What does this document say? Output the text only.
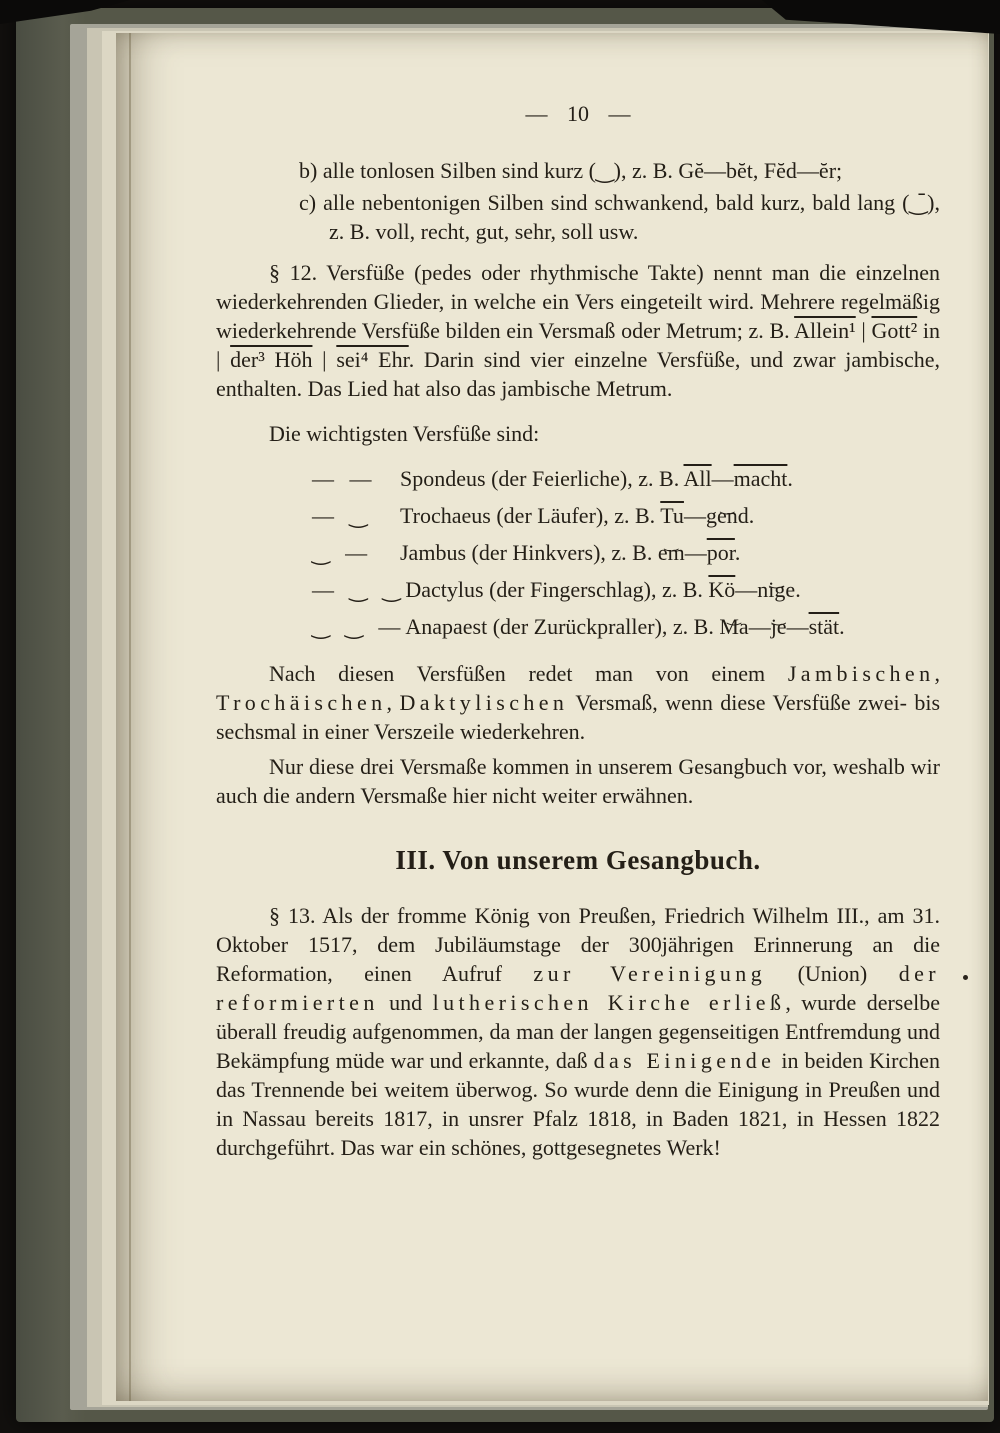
— 10 —

b) alle tonlosen Silben sind kurz (‿), z. B. Gĕ—bĕt, Fĕd—ĕr;

c) alle nebentonigen Silben sind schwankend, bald kurz, bald lang (‿̄), z. B. voll, recht, gut, sehr, soll usw.

§ 12. Versfüße (pedes oder rhythmische Takte) nennt man die einzelnen wiederkehrenden Glieder, in welche ein Vers eingeteilt wird. Mehrere regelmäßig wiederkehrende Versfüße bilden ein Versmaß oder Metrum; z. B. Allein¹ | Gott² in | der³ Höh | sei⁴ Ehr. Darin sind vier einzelne Versfüße, und zwar jambische, enthalten. Das Lied hat also das jambische Metrum.

Die wichtigsten Versfüße sind:

— — Spondeus (der Feierliche), z. B. $\overline{All}—macht$.
— ‿ Trochaeus (der Läufer), z. B. $\overline{Tu}—gend$ ‿.
‿ — Jambus (der Hinkvers), z. B. em $‿—\overline{por}$.
— ‿ ‿Dactylus (der Fingerschlag), z. B. $\overline{Kö}—nige$ ‿.
‿ ‿ —Anapaest (der Zurückpraller), z. B. Ma ‿—je ‿—stät.

Nach diesen Versfüßen redet man von einem Jambischen, Trochäischen, Daktylischen Versmaß, wenn diese Versfüße zwei- bis sechsmal in einer Verszeile wiederkehren.

Nur diese drei Versmaße kommen in unserem Gesangbuch vor, weshalb wir auch die andern Versmaße hier nicht weiter erwähnen.

III. Von unserem Gesangbuch.

§ 13. Als der fromme König von Preußen, Friedrich Wilhelm III., am 31. Oktober 1517, dem Jubiläumstage der 300jährigen Erinnerung an die Reformation, einen Aufruf zur Vereinigung (Union) der reformierten und lutherischen Kirche erließ, wurde derselbe überall freudig aufgenommen, da man der langen gegenseitigen Entfremdung und Bekämpfung müde war und erkannte, daß das Einigende in beiden Kirchen das Trennende bei weitem überwog. So wurde denn die Einigung in Preußen und in Nassau bereits 1817, in unsrer Pfalz 1818, in Baden 1821, in Hessen 1822 durchgeführt. Das war ein schönes, gottgesegnetes Werk!
